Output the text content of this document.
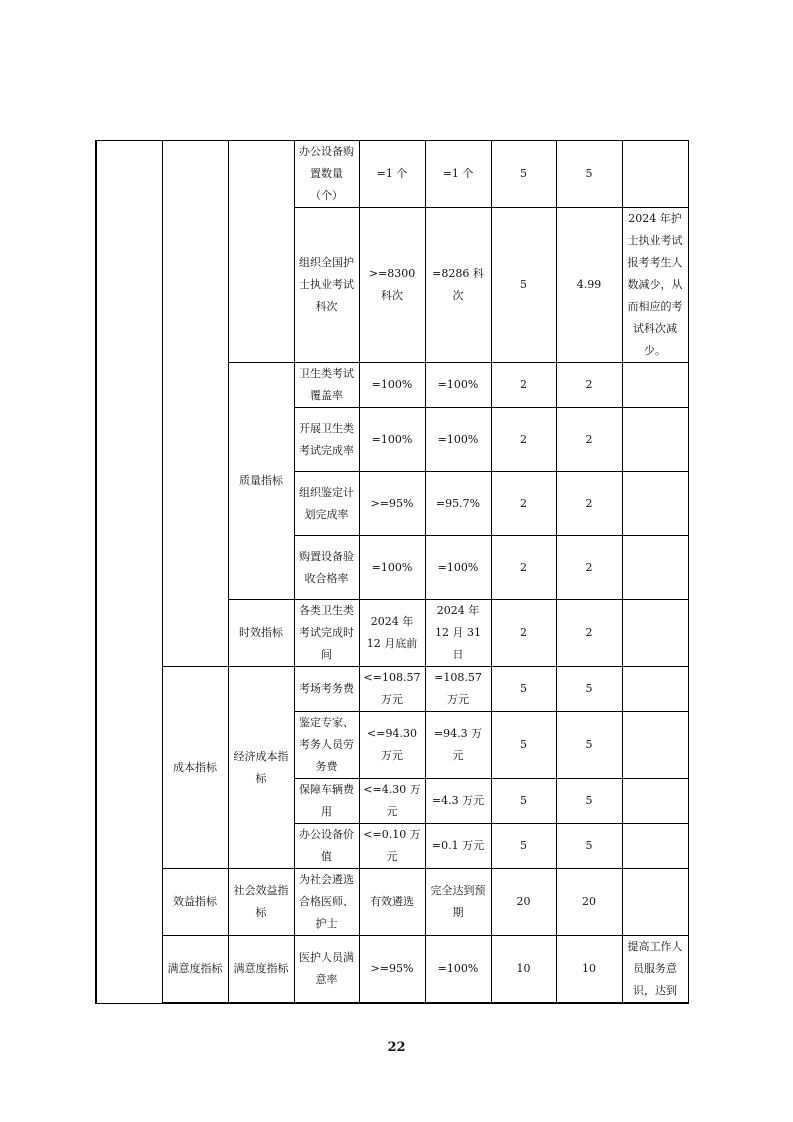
			办公设备购置数量（个）	=1 个	=1 个	5	5	
			组织全国护士执业考试科次	>=8300 科次	=8286 科次	5	4.99	2024 年护士执业考试报考考生人数减少，从而相应的考试科次减少。
		质量指标	卫生类考试覆盖率	=100%	=100%	2	2	
			开展卫生类考试完成率	=100%	=100%	2	2	
			组织鉴定计划完成率	>=95%	=95.7%	2	2	
			购置设备验收合格率	=100%	=100%	2	2	
		时效指标	各类卫生类考试完成时间	2024 年 12 月底前	2024 年 12 月 31 日	2	2	
	成本指标	经济成本指标	考场考务费	<=108.57 万元	=108.57 万元	5	5	
			鉴定专家、考务人员劳务费	<=94.30 万元	=94.3 万元	5	5	
			保障车辆费用	<=4.30 万元	=4.3 万元	5	5	
			办公设备价值	<=0.10 万元	=0.1 万元	5	5	
	效益指标	社会效益指标	为社会遴选合格医师、护士	有效遴选	完全达到预期	20	20	
	满意度指标	满意度指标	医护人员满意率	>=95%	=100%	10	10	提高工作人员服务意识，达到
22
